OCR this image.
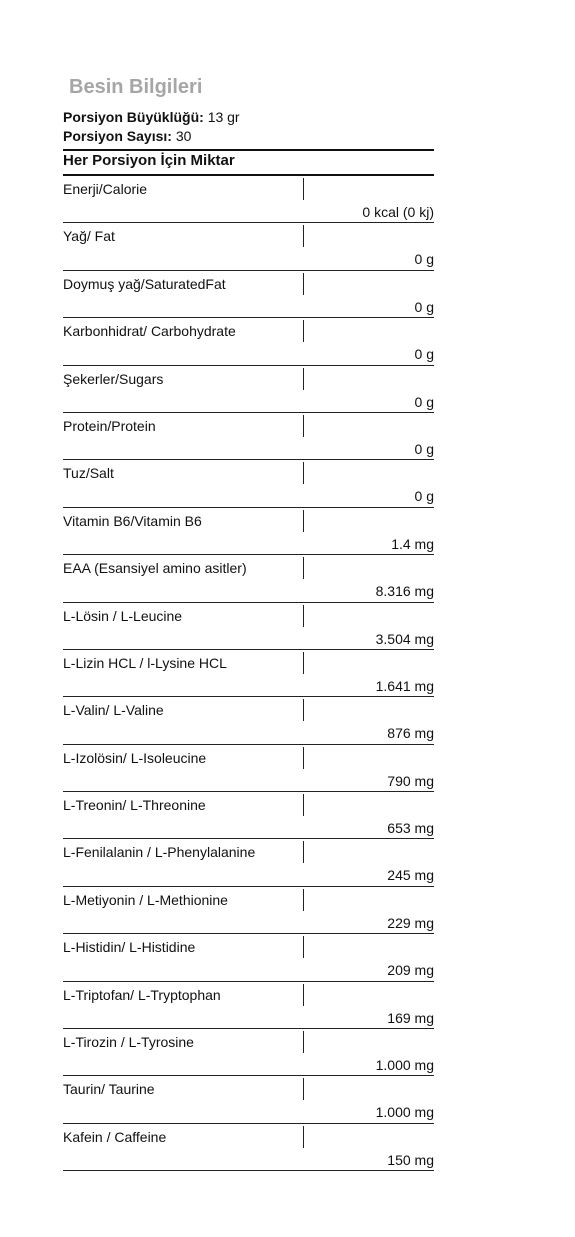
Besin Bilgileri
Porsiyon Büyüklüğü: 13 gr
Porsiyon Sayısı: 30
Her Porsiyon İçin Miktar
Enerji/Calorie
0 kcal (0 kj)
Yağ/ Fat
0 g
Doymuş yağ/SaturatedFat
0 g
Karbonhidrat/ Carbohydrate
0 g
Şekerler/Sugars
0 g
Protein/Protein
0 g
Tuz/Salt
0 g
Vitamin B6/Vitamin B6
1.4 mg
EAA (Esansiyel amino asitler)
8.316 mg
L-Lösin / L-Leucine
3.504 mg
L-Lizin HCL / l-Lysine HCL
1.641 mg
L-Valin/ L-Valine
876 mg
L-Izolösin/ L-Isoleucine
790 mg
L-Treonin/ L-Threonine
653 mg
L-Fenilalanin / L-Phenylalanine
245 mg
L-Metiyonin / L-Methionine
229 mg
L-Histidin/ L-Histidine
209 mg
L-Triptofan/ L-Tryptophan
169 mg
L-Tirozin / L-Tyrosine
1.000 mg
Taurin/ Taurine
1.000 mg
Kafein / Caffeine
150 mg
